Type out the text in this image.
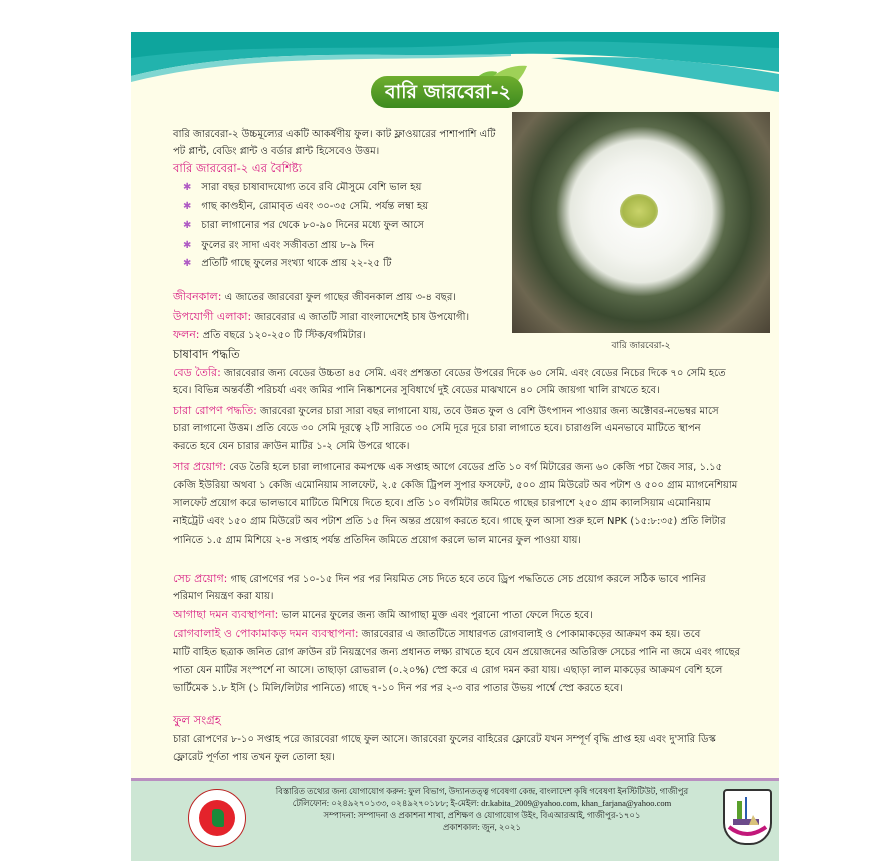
বারি জারবেরা-২
বারি জারবেরা-২ উচ্চমূল্যের একটি আকর্ষণীয় ফুল। কাট ফ্লাওয়ারের পাশাপাশি এটি
পট প্লান্ট, বেডিং প্লান্ট ও বর্ডার প্লান্ট হিসেবেও উত্তম।
বারি জারবেরা-২ এর বৈশিষ্ট্য
✱ সারা বছর চাষাবাদযোগ্য তবে রবি মৌসুমে বেশি ভাল হয়
✱ গাছ কাণ্ডহীন, রোমাবৃত এবং ৩০-৩৫ সেমি. পর্যন্ত লম্বা হয়
✱ চারা লাগানোর পর থেকে ৮০-৯০ দিনের মধ্যে ফুল আসে
✱ ফুলের রং সাদা এবং সজীবতা প্রায় ৮-৯ দিন
✱ প্রতিটি গাছে ফুলের সংখ্যা থাকে প্রায় ২২-২৫ টি
বারি জারবেরা-২
জীবনকাল: এ জাতের জারবেরা ফুল গাছের জীবনকাল প্রায় ৩-৪ বছর।
উপযোগী এলাকা: জারবেরার এ জাতটি সারা বাংলাদেশেই চাষ উপযোগী।
ফলন: প্রতি বছরে ১২০-২৫০ টি স্টিক/বর্গমিটার।
চাষাবাদ পদ্ধতি
বেড তৈরি: জারবেরার জন্য বেডের উচ্চতা ৪৫ সেমি. এবং প্রশস্ততা বেডের উপরের দিকে ৬০ সেমি. এবং বেডের নিচের দিকে ৭০ সেমি হতে
হবে। বিভিন্ন অন্তর্বর্তী পরিচর্যা এবং জমির পানি নিষ্কাশনের সুবিধার্থে দুই বেডের মাঝখানে ৪০ সেমি জায়গা খালি রাখতে হবে।
চারা রোপণ পদ্ধতি: জারবেরা ফুলের চারা সারা বছর লাগানো যায়, তবে উন্নত ফুল ও বেশি উৎপাদন পাওয়ার জন্য অক্টোবর-নভেম্বর মাসে
চারা লাগানো উত্তম। প্রতি বেডে ৩০ সেমি দূরত্বে ২টি সারিতে ৩০ সেমি দূরে দূরে চারা লাগাতে হবে। চারাগুলি এমনভাবে মাটিতে স্থাপন
করতে হবে যেন চারার ক্রাউন মাটির ১-২ সেমি উপরে থাকে।
সার প্রয়োগ: বেড তৈরি হলে চারা লাগানোর কমপক্ষে এক সপ্তাহ আগে বেডের প্রতি ১০ বর্গ মিটারের জন্য ৬০ কেজি পচা জৈব সার, ১.১৫
কেজি ইউরিয়া অথবা ১ কেজি এমোনিয়াম সালফেট, ২.৫ কেজি ট্রিপল সুপার ফসফেট, ৫০০ গ্রাম মিউরেট অব পটাশ ও ৫০০ গ্রাম ম্যাগনেশিয়াম
সালফেট প্রয়োগ করে ভালভাবে মাটিতে মিশিয়ে দিতে হবে। প্রতি ১০ বর্গমিটার জমিতে গাছের চারপাশে ২৫০ গ্রাম ক্যালসিয়াম এমোনিয়াম
নাইট্রেট এবং ১৫০ গ্রাম মিউরেট অব পটাশ প্রতি ১৫ দিন অন্তর প্রয়োগ করতে হবে। গাছে ফুল আসা শুরু হলে NPK (১৫:৮:৩৫) প্রতি লিটার
পানিতে ১.৫ গ্রাম মিশিয়ে ২-৪ সপ্তাহ পর্যন্ত প্রতিদিন জমিতে প্রয়োগ করলে ভাল মানের ফুল পাওয়া যায়।
সেচ প্রয়োগ: গাছ রোপণের পর ১০-১৫ দিন পর পর নিয়মিত সেচ দিতে হবে তবে ড্রিপ পদ্ধতিতে সেচ প্রয়োগ করলে সঠিক ভাবে পানির
পরিমাণ নিয়ন্ত্রণ করা যায়।
আগাছা দমন ব্যবস্থাপনা: ভাল মানের ফুলের জন্য জমি আগাছা মুক্ত এবং পুরানো পাতা ফেলে দিতে হবে।
রোগবালাই ও পোকামাকড় দমন ব্যবস্থাপনা: জারবেরার এ জাতটিতে সাধারণত রোগবালাই ও পোকামাকড়ের আক্রমণ কম হয়। তবে
মাটি বাহিত ছত্রাক জনিত রোগ ক্রাউন রট নিয়ন্ত্রণের জন্য প্রধানত লক্ষ্য রাখতে হবে যেন প্রয়োজনের অতিরিক্ত সেচের পানি না জমে এবং গাছের
পাতা যেন মাটির সংস্পর্শে না আসে। তাছাড়া রোভরাল (০.২০%) স্প্রে করে এ রোগ দমন করা যায়। এছাড়া লাল মাকড়ের আক্রমণ বেশি হলে
ভার্টিমেক ১.৮ ইসি (১ মিলি/লিটার পানিতে) গাছে ৭-১০ দিন পর পর ২-৩ বার পাতার উভয় পার্শ্বে স্প্রে করতে হবে।
ফুল সংগ্রহ
চারা রোপণের ৮-১০ সপ্তাহ পরে জারবেরা গাছে ফুল আসে। জারবেরা ফুলের বাহিরের ফ্লোরেট যখন সম্পূর্ণ বৃদ্ধি প্রাপ্ত হয় এবং দু'সারি ডিস্ক
ফ্লোরেট পূর্ণতা পায় তখন ফুল তোলা হয়।
বিস্তারিত তথ্যের জন্য যোগাযোগ করুন: ফুল বিভাগ, উদ্যানতত্ত্ব গবেষণা কেন্দ্র, বাংলাদেশ কৃষি গবেষণা ইনস্টিটিউট, গাজীপুর
টেলিফোন: ০২৪৯২৭০১৩৩, ০২৪৯২৭০১৮৮; ই-মেইল: dr.kabita_2009@yahoo.com, khan_farjana@yahoo.com
সম্পাদনা: সম্পাদনা ও প্রকাশনা শাখা, প্রশিক্ষণ ও যোগাযোগ উইং, বিএআরআই, গাজীপুর-১৭০১
প্রকাশকাল: জুন, ২০২১
